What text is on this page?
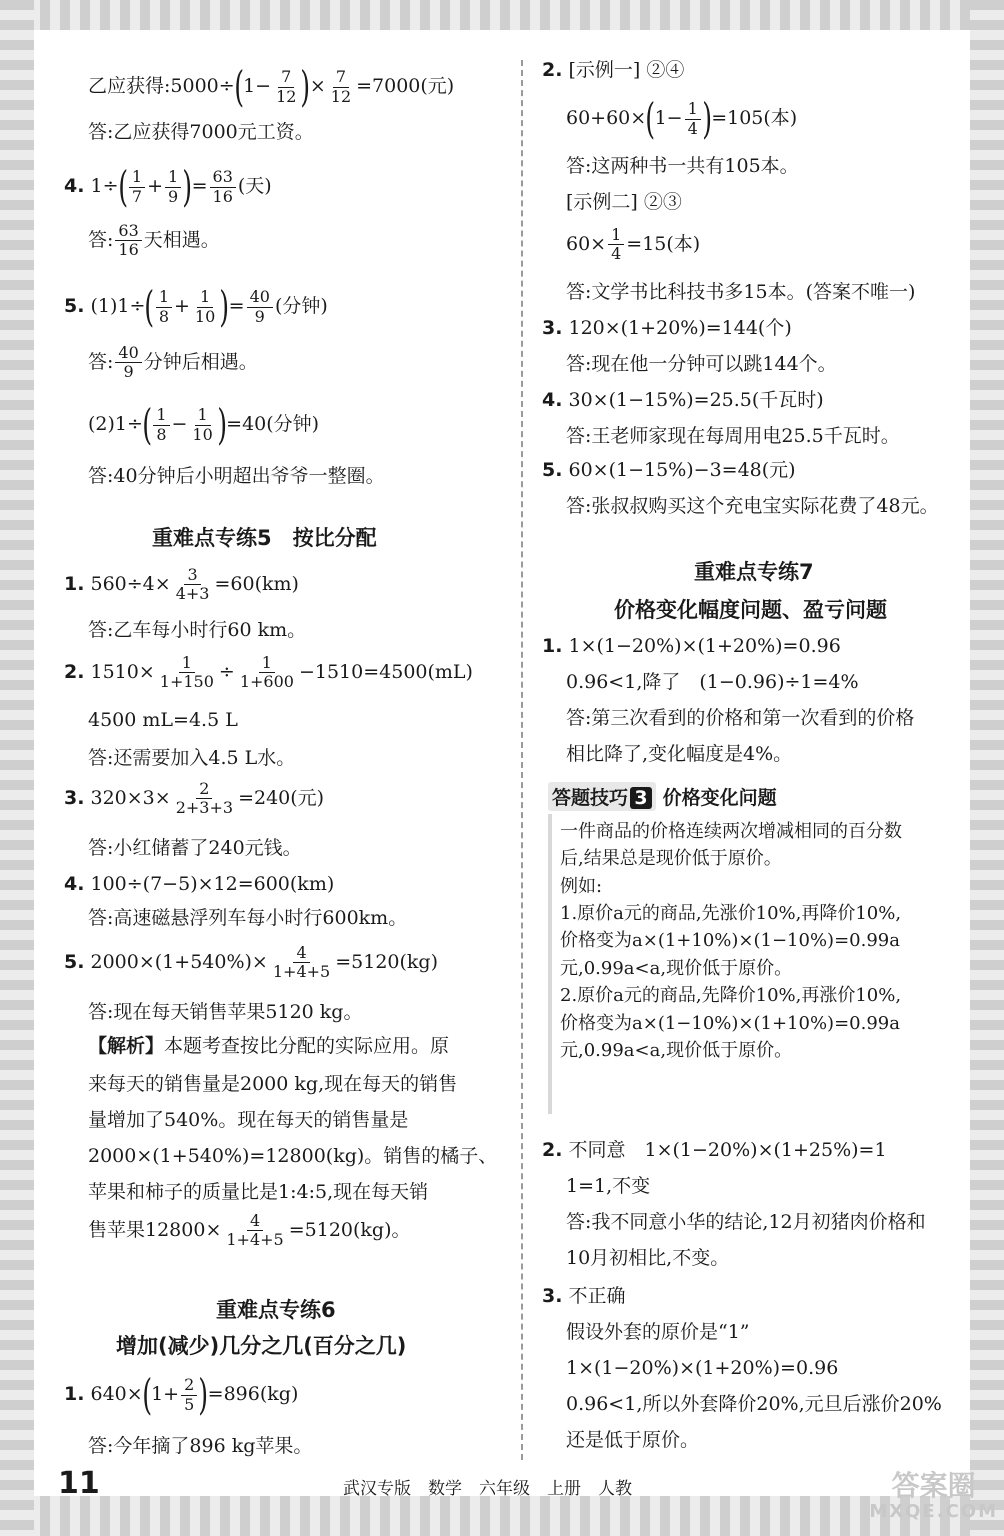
乙应获得:5000÷(1− $\frac{7}{12}$ )× $\frac{7}{12} =7000$(元)
答:乙应获得7000元工资。
4. $1\div( \frac{1}{7} + \frac{1}{9}$ )= $\frac{63}{16}$ (天)
答: $\frac{63}{16}$ 天相遇。
5. $(1)1\div( \frac{1}{8} + \frac{1}{10}$ )= $\frac{40}{9}$ (分钟)
答: $\frac{40}{9}$ 分钟后相遇。
$(2)1\div( \frac{1}{8} - \frac{1}{10} )=40$(分钟)
答:40分钟后小明超出爷爷一整圈。
重难点专练5　按比分配
1. $560\div 4\times \frac{3}{4+3} =60(km)$
答:乙车每小时行60 km。
2. $1510\times \frac{1}{1+150} \div \frac{1}{1+600} -1510=4500(mL)$
4500 mL=4.5 L
答:还需要加入4.5 L水。
3. $320\times 3\times \frac{2}{2+3+3} =240$(元)
答:小红储蓄了240元钱。
4. 100÷(7−5)×12=600(km)
答:高速磁悬浮列车每小时行600km。
5. $2000\times(1+540\%)\times \frac{4}{1+4+5} =5120(kg)$
答:现在每天销售苹果5120 kg。
【解析】本题考查按比分配的实际应用。原
来每天的销售量是2000 kg,现在每天的销售
量增加了540%。现在每天的销售量是
2000×(1+540%)=12800(kg)。销售的橘子、
苹果和柿子的质量比是1:4:5,现在每天销
售苹果$12800\times \frac{4}{1+4+5} =5120(kg)$。
重难点专练6
增加(减少)几分之几(百分之几)
1. $640\times(1+ \frac{2}{5} )=896(kg)$
答:今年摘了896 kg苹果。
2. [示例一] ②④
$60+60\times(1- \frac{1}{4} )=105$(本)
答:这两种书一共有105本。
[示例二] ②③
$60\times \frac{1}{4} =15$(本)
答:文学书比科技书多15本。(答案不唯一)
3. 120×(1+20%)=144(个)
答:现在他一分钟可以跳144个。
4. 30×(1−15%)=25.5(千瓦时)
答:王老师家现在每周用电25.5千瓦时。
5. 60×(1−15%)−3=48(元)
答:张叔叔购买这个充电宝实际花费了48元。
重难点专练7
价格变化幅度问题、盈亏问题
1. 1×(1−20%)×(1+20%)=0.96
0.96<1,降了　(1−0.96)÷1=4%
答:第三次看到的价格和第一次看到的价格
相比降了,变化幅度是4%。
答题技巧 3 价格变化问题
一件商品的价格连续两次增减相同的百分数
后,结果总是现价低于原价。
例如:
1.原价a元的商品,先涨价10%,再降价10%,
价格变为a×(1+10%)×(1−10%)=0.99a
元,0.99a<a,现价低于原价。
2.原价a元的商品,先降价10%,再涨价10%,
价格变为a×(1−10%)×(1+10%)=0.99a
元,0.99a<a,现价低于原价。
2. 不同意　1×(1−20%)×(1+25%)=1
1=1,不变
答:我不同意小华的结论,12月初猪肉价格和
10月初相比,不变。
3. 不正确
假设外套的原价是“1”
1×(1−20%)×(1+20%)=0.96
0.96<1,所以外套降价20%,元旦后涨价20%
还是低于原价。
11	武汉专版　数学　六年级　上册　人教	答案圈
MXQE.COM
